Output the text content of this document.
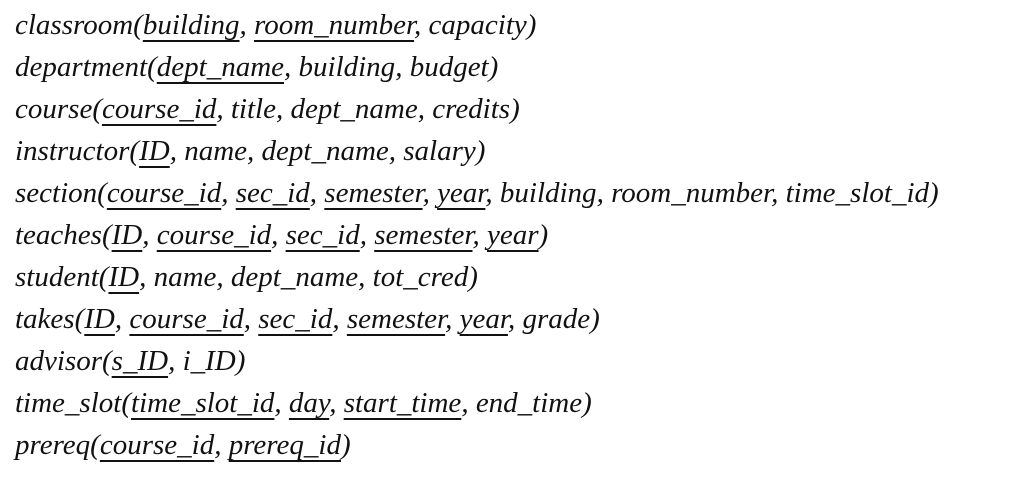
classroom(building, room_number, capacity)
department(dept_name, building, budget)
course(course_id, title, dept_name, credits)
instructor(ID, name, dept_name, salary)
section(course_id, sec_id, semester, year, building, room_number, time_slot_id)
teaches(ID, course_id, sec_id, semester, year)
student(ID, name, dept_name, tot_cred)
takes(ID, course_id, sec_id, semester, year, grade)
advisor(s_ID, i_ID)
time_slot(time_slot_id, day, start_time, end_time)
prereq(course_id, prereq_id)
